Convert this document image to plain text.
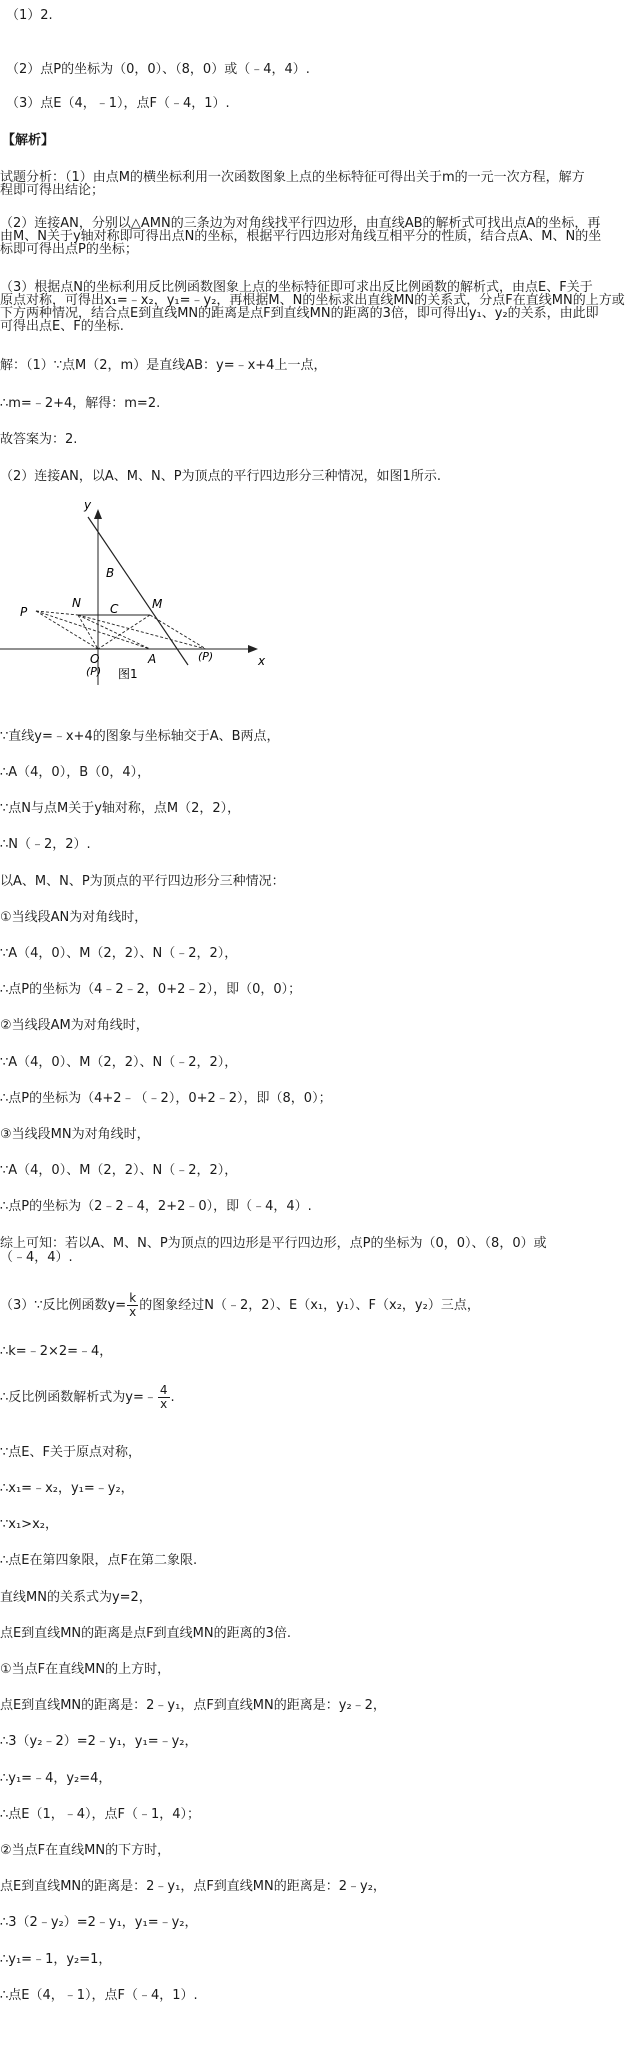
（1）2.
（2）点P的坐标为（0，0）、（8，0）或（﹣4，4）.
（3）点E（4，﹣1），点F（﹣4，1）.
【解析】
试题分析：（1）由点M的横坐标利用一次函数图象上点的坐标特征可得出关于m的一元一次方程，解方
程即可得出结论；
（2）连接AN，分别以△AMN的三条边为对角线找平行四边形，由直线AB的解析式可找出点A的坐标，再
由M、N关于y轴对称即可得出点N的坐标，根据平行四边形对角线互相平分的性质，结合点A、M、N的坐
标即可得出点P的坐标；
（3）根据点N的坐标利用反比例函数图象上点的坐标特征即可求出反比例函数的解析式，由点E、F关于
原点对称，可得出x₁=﹣x₂，y₁=﹣y₂，再根据M、N的坐标求出直线MN的关系式，分点F在直线MN的上方或
下方两种情况，结合点E到直线MN的距离是点F到直线MN的距离的3倍，即可得出y₁、y₂的关系，由此即
可得出点E、F的坐标.
解：（1）∵点M（2，m）是直线AB：y=﹣x+4上一点，
∴m=﹣2+4，解得：m=2.
故答案为：2.
（2）连接AN，以A、M、N、P为顶点的平行四边形分三种情况，如图1所示.
y
x
B
N	M
C
P
O	A	(P)
(P) 图1
∵直线y=﹣x+4的图象与坐标轴交于A、B两点，
∴A（4，0），B（0，4），
∵点N与点M关于y轴对称，点M（2，2），
∴N（﹣2，2）.
以A、M、N、P为顶点的平行四边形分三种情况：
①当线段AN为对角线时，
∵A（4，0）、M（2，2）、N（﹣2，2），
∴点P的坐标为（4﹣2﹣2，0+2﹣2），即（0，0）；
②当线段AM为对角线时，
∵A（4，0）、M（2，2）、N（﹣2，2），
∴点P的坐标为（4+2﹣（﹣2），0+2﹣2），即（8，0）；
③当线段MN为对角线时，
∵A（4，0）、M（2，2）、N（﹣2，2），
∴点P的坐标为（2﹣2﹣4，2+2﹣0），即（﹣4，4）.
综上可知：若以A、M、N、P为顶点的四边形是平行四边形，点P的坐标为（0，0）、（8，0）或
（﹣4，4）.
（3）∵反比例函数$y= \frac{k}{x}$ 的图象经过N（﹣2，2）、E（x₁，y₁）、F（x₂，y₂）三点，
∴k=﹣2×2=﹣4，
∴反比例函数解析式为y=﹣ $\frac{4}{x}$ .
∵点E、F关于原点对称，
∴x₁=﹣x₂，y₁=﹣y₂，
∵x₁>x₂，
∴点E在第四象限，点F在第二象限.
直线MN的关系式为y=2，
点E到直线MN的距离是点F到直线MN的距离的3倍.
①当点F在直线MN的上方时，
点E到直线MN的距离是：2﹣y₁，点F到直线MN的距离是：y₂﹣2，
∴3（y₂﹣2）=2﹣y₁，y₁=﹣y₂，
∴y₁=﹣4，y₂=4，
∴点E（1，﹣4），点F（﹣1，4）；
②当点F在直线MN的下方时，
点E到直线MN的距离是：2﹣y₁，点F到直线MN的距离是：2﹣y₂，
∴3（2﹣y₂）=2﹣y₁，y₁=﹣y₂，
∴y₁=﹣1，y₂=1，
∴点E（4，﹣1），点F（﹣4，1）.
